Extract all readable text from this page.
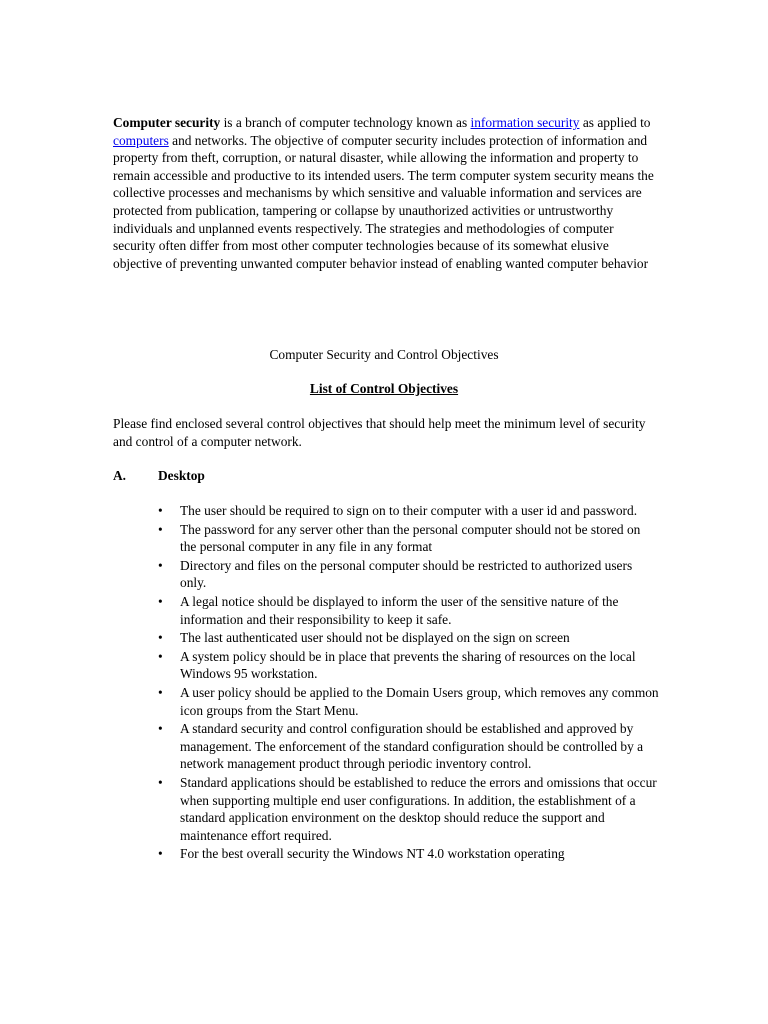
Computer security is a branch of computer technology known as information security as applied to computers and networks. The objective of computer security includes protection of information and property from theft, corruption, or natural disaster, while allowing the information and property to remain accessible and productive to its intended users. The term computer system security means the collective processes and mechanisms by which sensitive and valuable information and services are protected from publication, tampering or collapse by unauthorized activities or untrustworthy individuals and unplanned events respectively. The strategies and methodologies of computer security often differ from most other computer technologies because of its somewhat elusive objective of preventing unwanted computer behavior instead of enabling wanted computer behavior

Computer Security and Control Objectives

List of Control Objectives

Please find enclosed several control objectives that should help meet the minimum level of security and control of a computer network.

A. Desktop

•	The user should be required to sign on to their computer with a user id and password.
•	The password for any server other than the personal computer should not be stored on the personal computer in any file in any format
•	Directory and files on the personal computer should be restricted to authorized users only.
•	A legal notice should be displayed to inform the user of the sensitive nature of the information and their responsibility to keep it safe.
•	The last authenticated user should not be displayed on the sign on screen
•	A system policy should be in place that prevents the sharing of resources on the local Windows 95 workstation.
•	A user policy should be applied to the Domain Users group, which removes any common icon groups from the Start Menu.
•	A standard security and control configuration should be established and approved by management. The enforcement of the standard configuration should be controlled by a network management product through periodic inventory control.
•	Standard applications should be established to reduce the errors and omissions that occur when supporting multiple end user configurations. In addition, the establishment of a standard application environment on the desktop should reduce the support and maintenance effort required.
•	For the best overall security the Windows NT 4.0 workstation operating
